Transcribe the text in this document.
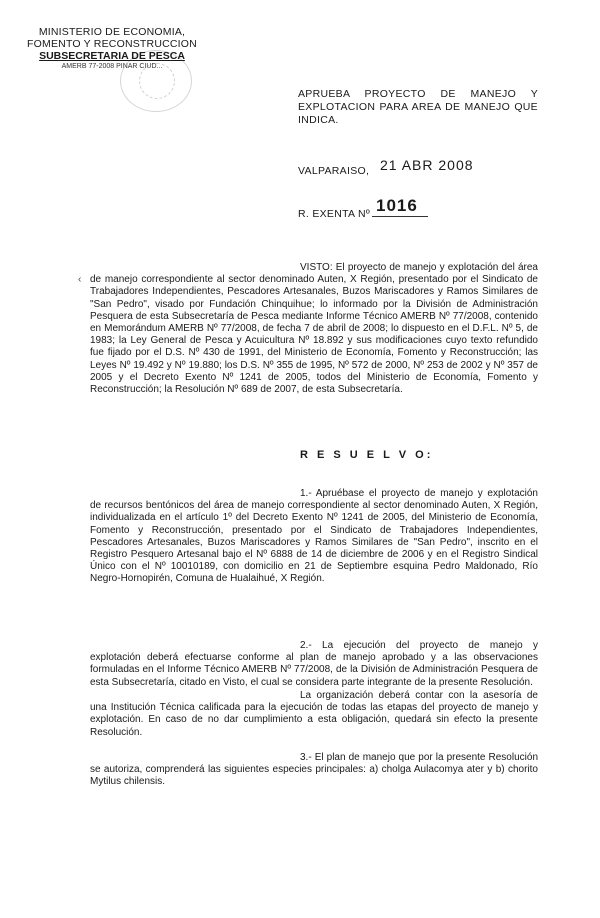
MINISTERIO DE ECONOMIA,
FOMENTO Y RECONSTRUCCION
SUBSECRETARIA DE PESCA
AMERB 77-2008 PINAR CIUD...
APRUEBA PROYECTO DE MANEJO Y EXPLOTACION PARA AREA DE MANEJO QUE INDICA.
VALPARAISO, 21 ABR 2008
R. EXENTA Nº 1016
‹
VISTO: El proyecto de manejo y explotación del área de manejo correspondiente al sector denominado Auten, X Región, presentado por el Sindicato de Trabajadores Independientes, Pescadores Artesanales, Buzos Mariscadores y Ramos Similares de "San Pedro", visado por Fundación Chinquihue; lo informado por la División de Administración Pesquera de esta Subsecretaría de Pesca mediante Informe Técnico AMERB Nº 77/2008, contenido en Memorándum AMERB Nº 77/2008, de fecha 7 de abril de 2008; lo dispuesto en el D.F.L. Nº 5, de 1983; la Ley General de Pesca y Acuicultura Nº 18.892 y sus modificaciones cuyo texto refundido fue fijado por el D.S. Nº 430 de 1991, del Ministerio de Economía, Fomento y Reconstrucción; las Leyes Nº 19.492 y Nº 19.880; los D.S. Nº 355 de 1995, Nº 572 de 2000, Nº 253 de 2002 y Nº 357 de 2005 y el Decreto Exento Nº 1241 de 2005, todos del Ministerio de Economía, Fomento y Reconstrucción; la Resolución Nº 689 de 2007, de esta Subsecretaría.
R E S U E L V O:
1.- Apruébase el proyecto de manejo y explotación de recursos bentónicos del área de manejo correspondiente al sector denominado Auten, X Región, individualizada en el artículo 1º del Decreto Exento Nº 1241 de 2005, del Ministerio de Economía, Fomento y Reconstrucción, presentado por el Sindicato de Trabajadores Independientes, Pescadores Artesanales, Buzos Mariscadores y Ramos Similares de "San Pedro", inscrito en el Registro Pesquero Artesanal bajo el Nº 6888 de 14 de diciembre de 2006 y en el Registro Sindical Único con el Nº 10010189, con domicilio en 21 de Septiembre esquina Pedro Maldonado, Río Negro-Hornopirén, Comuna de Hualaihué, X Región.
2.- La ejecución del proyecto de manejo y explotación deberá efectuarse conforme al plan de manejo aprobado y a las observaciones formuladas en el Informe Técnico AMERB Nº 77/2008, de la División de Administración Pesquera de esta Subsecretaría, citado en Visto, el cual se considera parte integrante de la presente Resolución.
La organización deberá contar con la asesoría de una Institución Técnica calificada para la ejecución de todas las etapas del proyecto de manejo y explotación. En caso de no dar cumplimiento a esta obligación, quedará sin efecto la presente Resolución.
3.- El plan de manejo que por la presente Resolución se autoriza, comprenderá las siguientes especies principales: a) cholga Aulacomya ater y b) chorito Mytilus chilensis.
